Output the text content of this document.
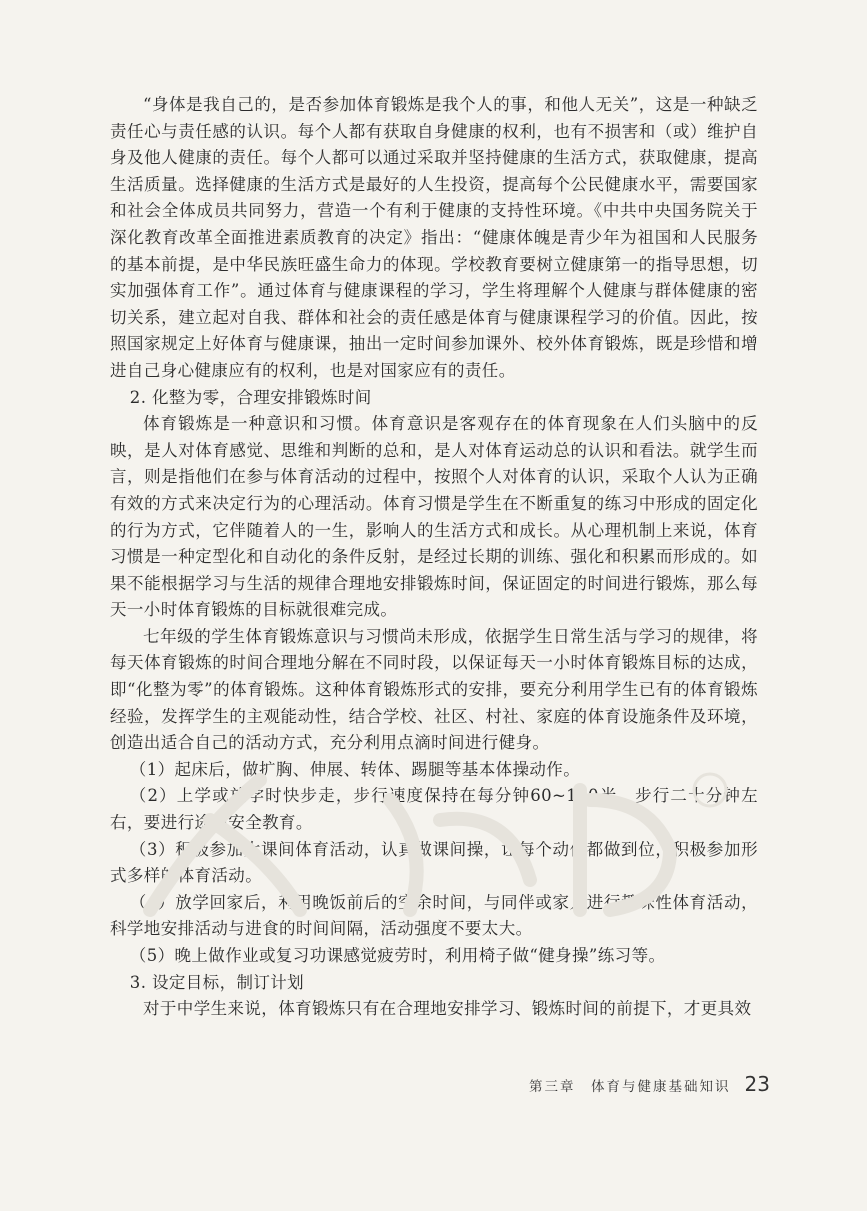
“身体是我自己的，是否参加体育锻炼是我个人的事，和他人无关”，这是一种缺乏责任心与责任感的认识。每个人都有获取自身健康的权利，也有不损害和（或）维护自身及他人健康的责任。每个人都可以通过采取并坚持健康的生活方式，获取健康，提高生活质量。选择健康的生活方式是最好的人生投资，提高每个公民健康水平，需要国家和社会全体成员共同努力，营造一个有利于健康的支持性环境。《中共中央国务院关于深化教育改革全面推进素质教育的决定》指出：“健康体魄是青少年为祖国和人民服务的基本前提，是中华民族旺盛生命力的体现。学校教育要树立健康第一的指导思想，切实加强体育工作”。通过体育与健康课程的学习，学生将理解个人健康与群体健康的密切关系，建立起对自我、群体和社会的责任感是体育与健康课程学习的价值。因此，按照国家规定上好体育与健康课，抽出一定时间参加课外、校外体育锻炼，既是珍惜和增进自己身心健康应有的权利，也是对国家应有的责任。

2. 化整为零，合理安排锻炼时间

体育锻炼是一种意识和习惯。体育意识是客观存在的体育现象在人们头脑中的反映，是人对体育感觉、思维和判断的总和，是人对体育运动总的认识和看法。就学生而言，则是指他们在参与体育活动的过程中，按照个人对体育的认识，采取个人认为正确有效的方式来决定行为的心理活动。体育习惯是学生在不断重复的练习中形成的固定化的行为方式，它伴随着人的一生，影响人的生活方式和成长。从心理机制上来说，体育习惯是一种定型化和自动化的条件反射，是经过长期的训练、强化和积累而形成的。如果不能根据学习与生活的规律合理地安排锻炼时间，保证固定的时间进行锻炼，那么每天一小时体育锻炼的目标就很难完成。

七年级的学生体育锻炼意识与习惯尚未形成，依据学生日常生活与学习的规律，将每天体育锻炼的时间合理地分解在不同时段，以保证每天一小时体育锻炼目标的达成，即“化整为零”的体育锻炼。这种体育锻炼形式的安排，要充分利用学生已有的体育锻炼经验，发挥学生的主观能动性，结合学校、社区、村社、家庭的体育设施条件及环境，创造出适合自己的活动方式，充分利用点滴时间进行健身。

（1）起床后，做扩胸、伸展、转体、踢腿等基本体操动作。

（2）上学或放学时快步走，步行速度保持在每分钟60~100米，步行二十分钟左右，要进行途中安全教育。

（3）积极参加大课间体育活动，认真做课间操，让每个动作都做到位，积极参加形式多样的体育活动。

（4）放学回家后，利用晚饭前后的空余时间，与同伴或家人进行趣味性体育活动，科学地安排活动与进食的时间间隔，活动强度不要太大。

（5）晚上做作业或复习功课感觉疲劳时，利用椅子做“健身操”练习等。

3. 设定目标，制订计划

对于中学生来说，体育锻炼只有在合理地安排学习、锻炼时间的前提下，才更具效

第三章　体育与健康基础知识 23
